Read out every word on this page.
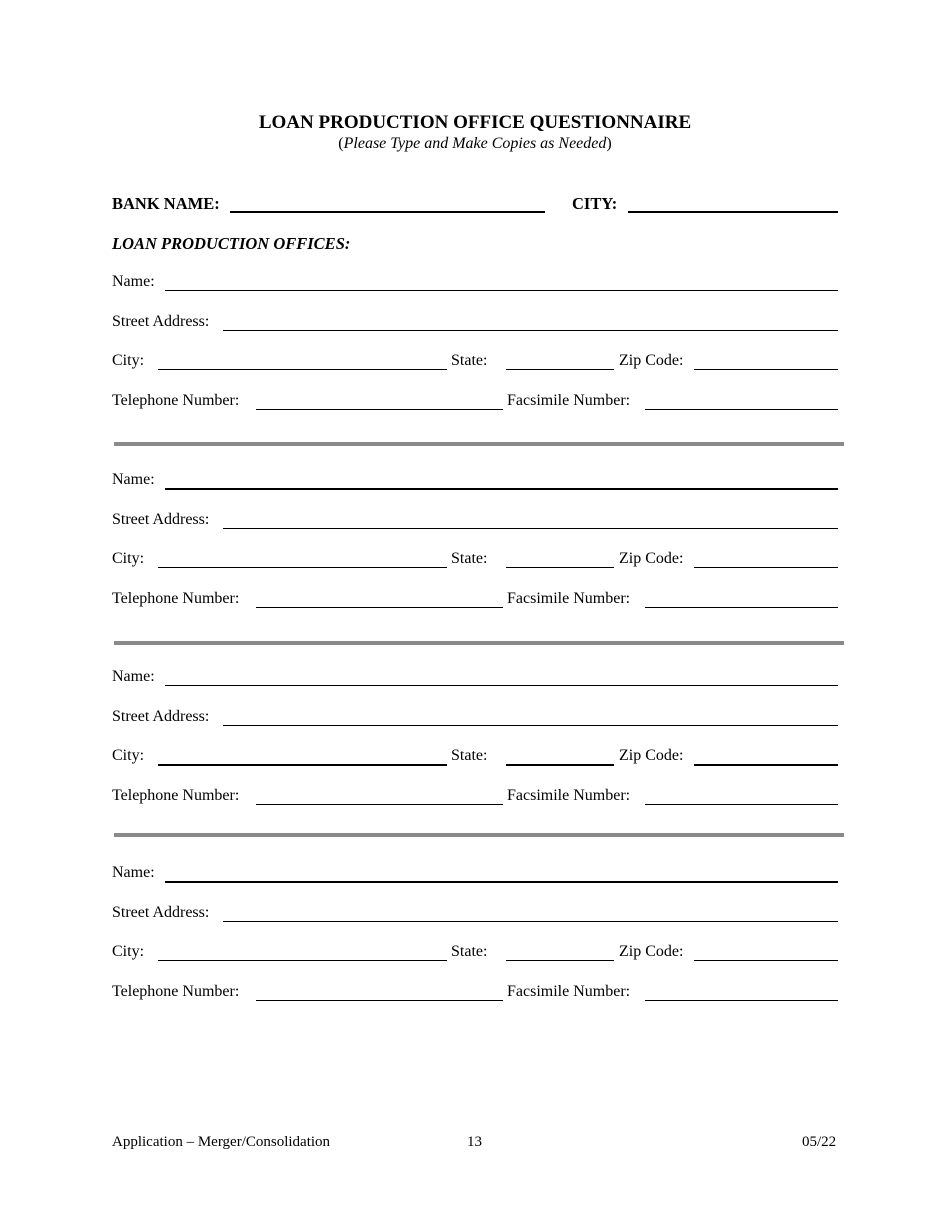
LOAN PRODUCTION OFFICE QUESTIONNAIRE
(Please Type and Make Copies as Needed)
BANK NAME:	CITY:
LOAN PRODUCTION OFFICES:
Name:
Street Address:
City:	State:	Zip Code:
Telephone Number:	Facsimile Number:
Name:
Street Address:
City:	State:	Zip Code:
Telephone Number:	Facsimile Number:
Name:
Street Address:
City:	State:	Zip Code:
Telephone Number:	Facsimile Number:
Name:
Street Address:
City:	State:	Zip Code:
Telephone Number:	Facsimile Number:
Application – Merger/Consolidation	13	05/22
